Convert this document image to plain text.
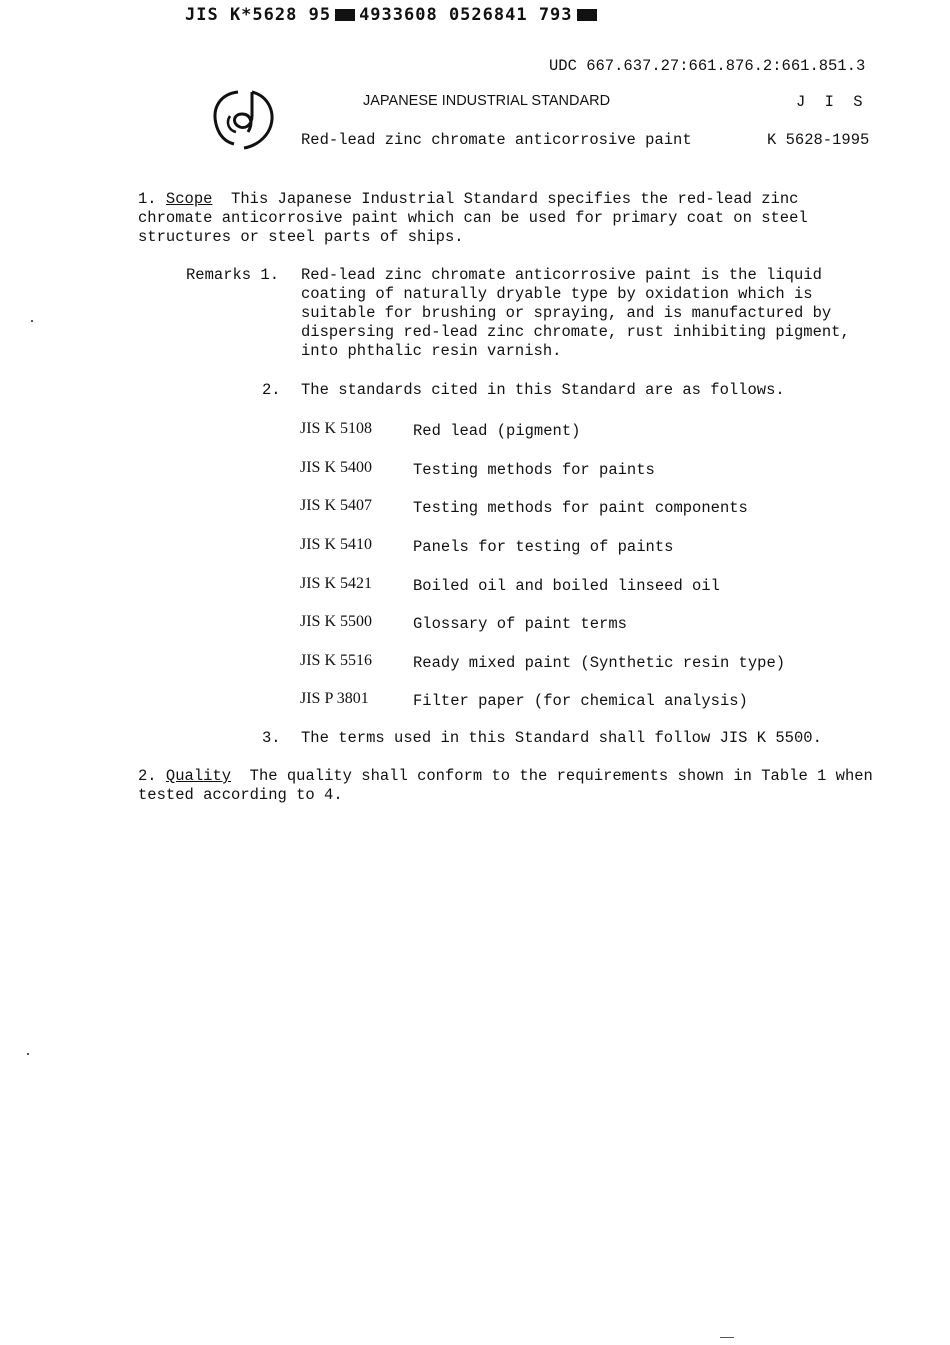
JIS K*5628 95 4933608 0526841 793
UDC 667.637.27:661.876.2:661.851.3
JAPANESE INDUSTRIAL STANDARD	J I S
Red-lead zinc chromate anticorrosive paint	K 5628-1995
1. Scope This Japanese Industrial Standard specifies the red-lead zinc chromate anticorrosive paint which can be used for primary coat on steel structures or steel parts of ships.
Remarks 1. Red-lead zinc chromate anticorrosive paint is the liquid coating of naturally dryable type by oxidation which is suitable for brushing or spraying, and is manufactured by dispersing red-lead zinc chromate, rust inhibiting pigment, into phthalic resin varnish.
2. The standards cited in this Standard are as follows.
JIS K 5108	Red lead (pigment)
JIS K 5400	Testing methods for paints
JIS K 5407	Testing methods for paint components
JIS K 5410	Panels for testing of paints
JIS K 5421	Boiled oil and boiled linseed oil
JIS K 5500	Glossary of paint terms
JIS K 5516	Ready mixed paint (Synthetic resin type)
JIS P 3801	Filter paper (for chemical analysis)
3. The terms used in this Standard shall follow JIS K 5500.
2. Quality The quality shall conform to the requirements shown in Table 1 when tested according to 4.
